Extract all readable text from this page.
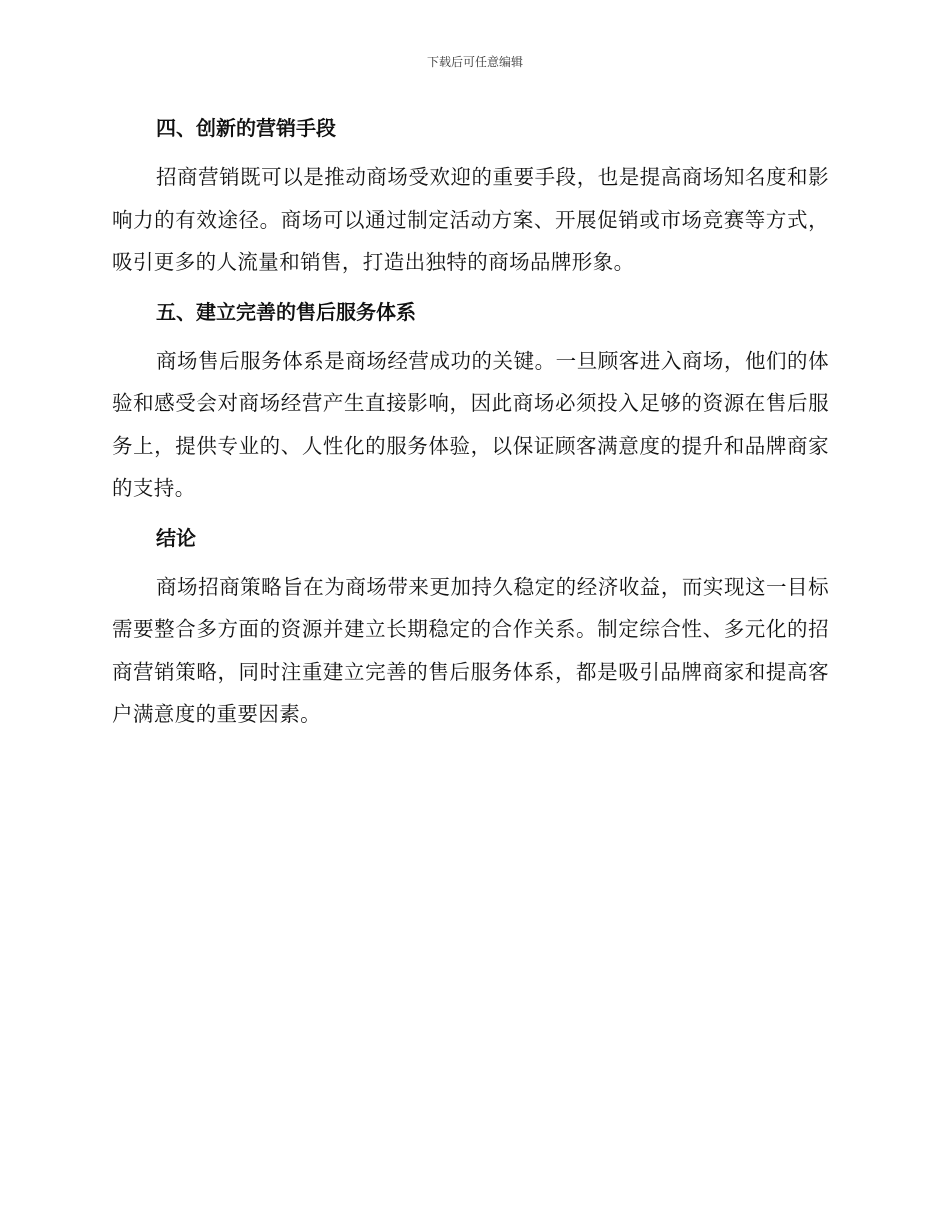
下载后可任意编辑
四、创新的营销手段

招商营销既可以是推动商场受欢迎的重要手段，也是提高商场知名度和影响力的有效途径。商场可以通过制定活动方案、开展促销或市场竞赛等方式，吸引更多的人流量和销售，打造出独特的商场品牌形象。

五、建立完善的售后服务体系

商场售后服务体系是商场经营成功的关键。一旦顾客进入商场，他们的体验和感受会对商场经营产生直接影响，因此商场必须投入足够的资源在售后服务上，提供专业的、人性化的服务体验，以保证顾客满意度的提升和品牌商家的支持。

结论

商场招商策略旨在为商场带来更加持久稳定的经济收益，而实现这一目标需要整合多方面的资源并建立长期稳定的合作关系。制定综合性、多元化的招商营销策略，同时注重建立完善的售后服务体系，都是吸引品牌商家和提高客户满意度的重要因素。
